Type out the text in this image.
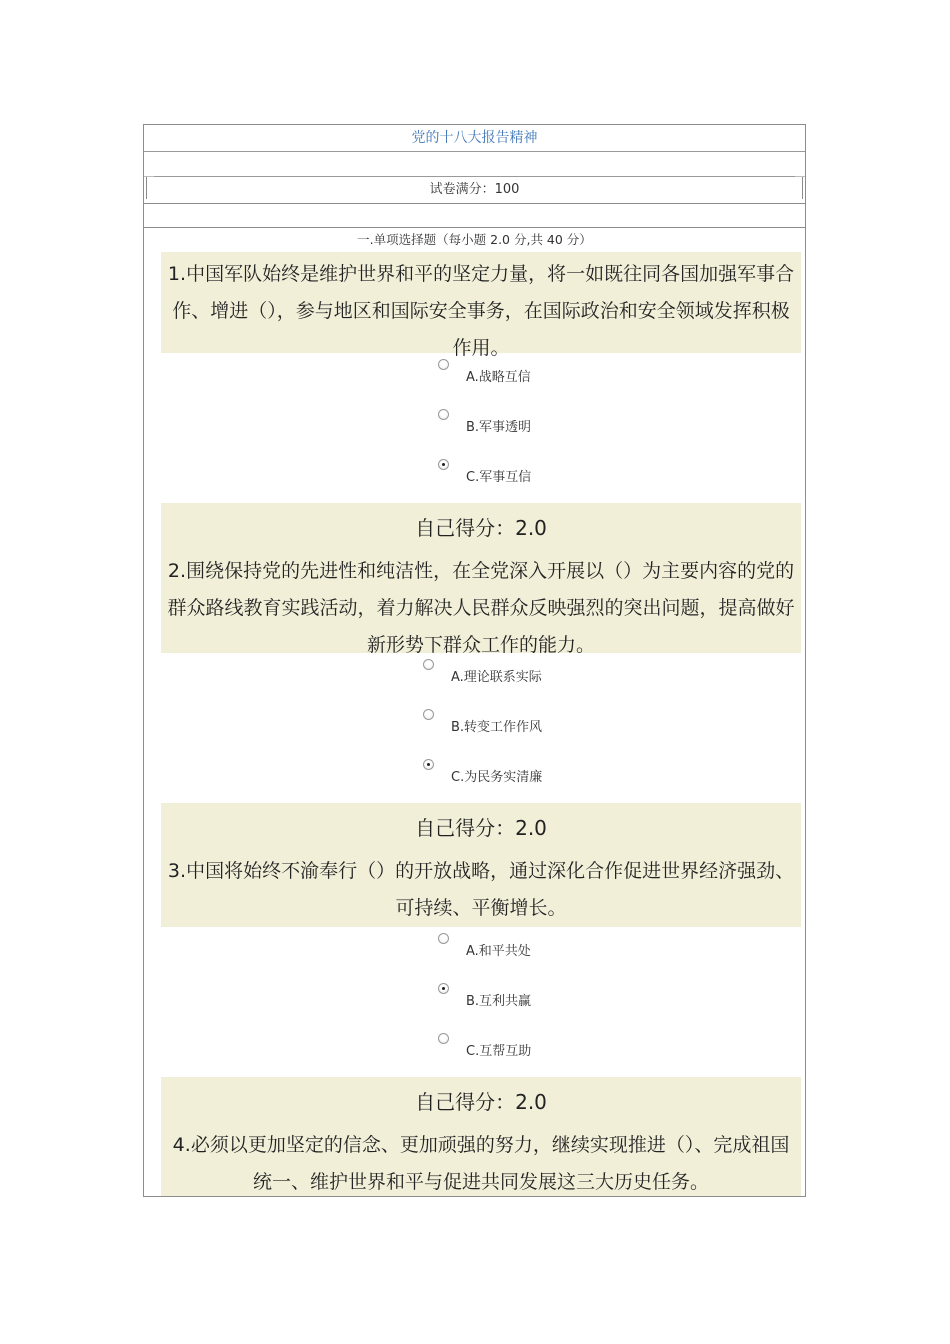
党的十八大报告精神
试卷满分：100
一.单项选择题（每小题 2.0 分,共 40 分）
1.中国军队始终是维护世界和平的坚定力量，将一如既往同各国加强军事合作、增进（），参与地区和国际安全事务，在国际政治和安全领域发挥积极作用。
A.战略互信
B.军事透明
C.军事互信
自己得分：2.0
2.围绕保持党的先进性和纯洁性，在全党深入开展以（）为主要内容的党的群众路线教育实践活动，着力解决人民群众反映强烈的突出问题，提高做好新形势下群众工作的能力。
A.理论联系实际
B.转变工作作风
C.为民务实清廉
自己得分：2.0
3.中国将始终不渝奉行（）的开放战略，通过深化合作促进世界经济强劲、可持续、平衡增长。
A.和平共处
B.互利共赢
C.互帮互助
自己得分：2.0
4.必须以更加坚定的信念、更加顽强的努力，继续实现推进（）、完成祖国统一、维护世界和平与促进共同发展这三大历史任务。
